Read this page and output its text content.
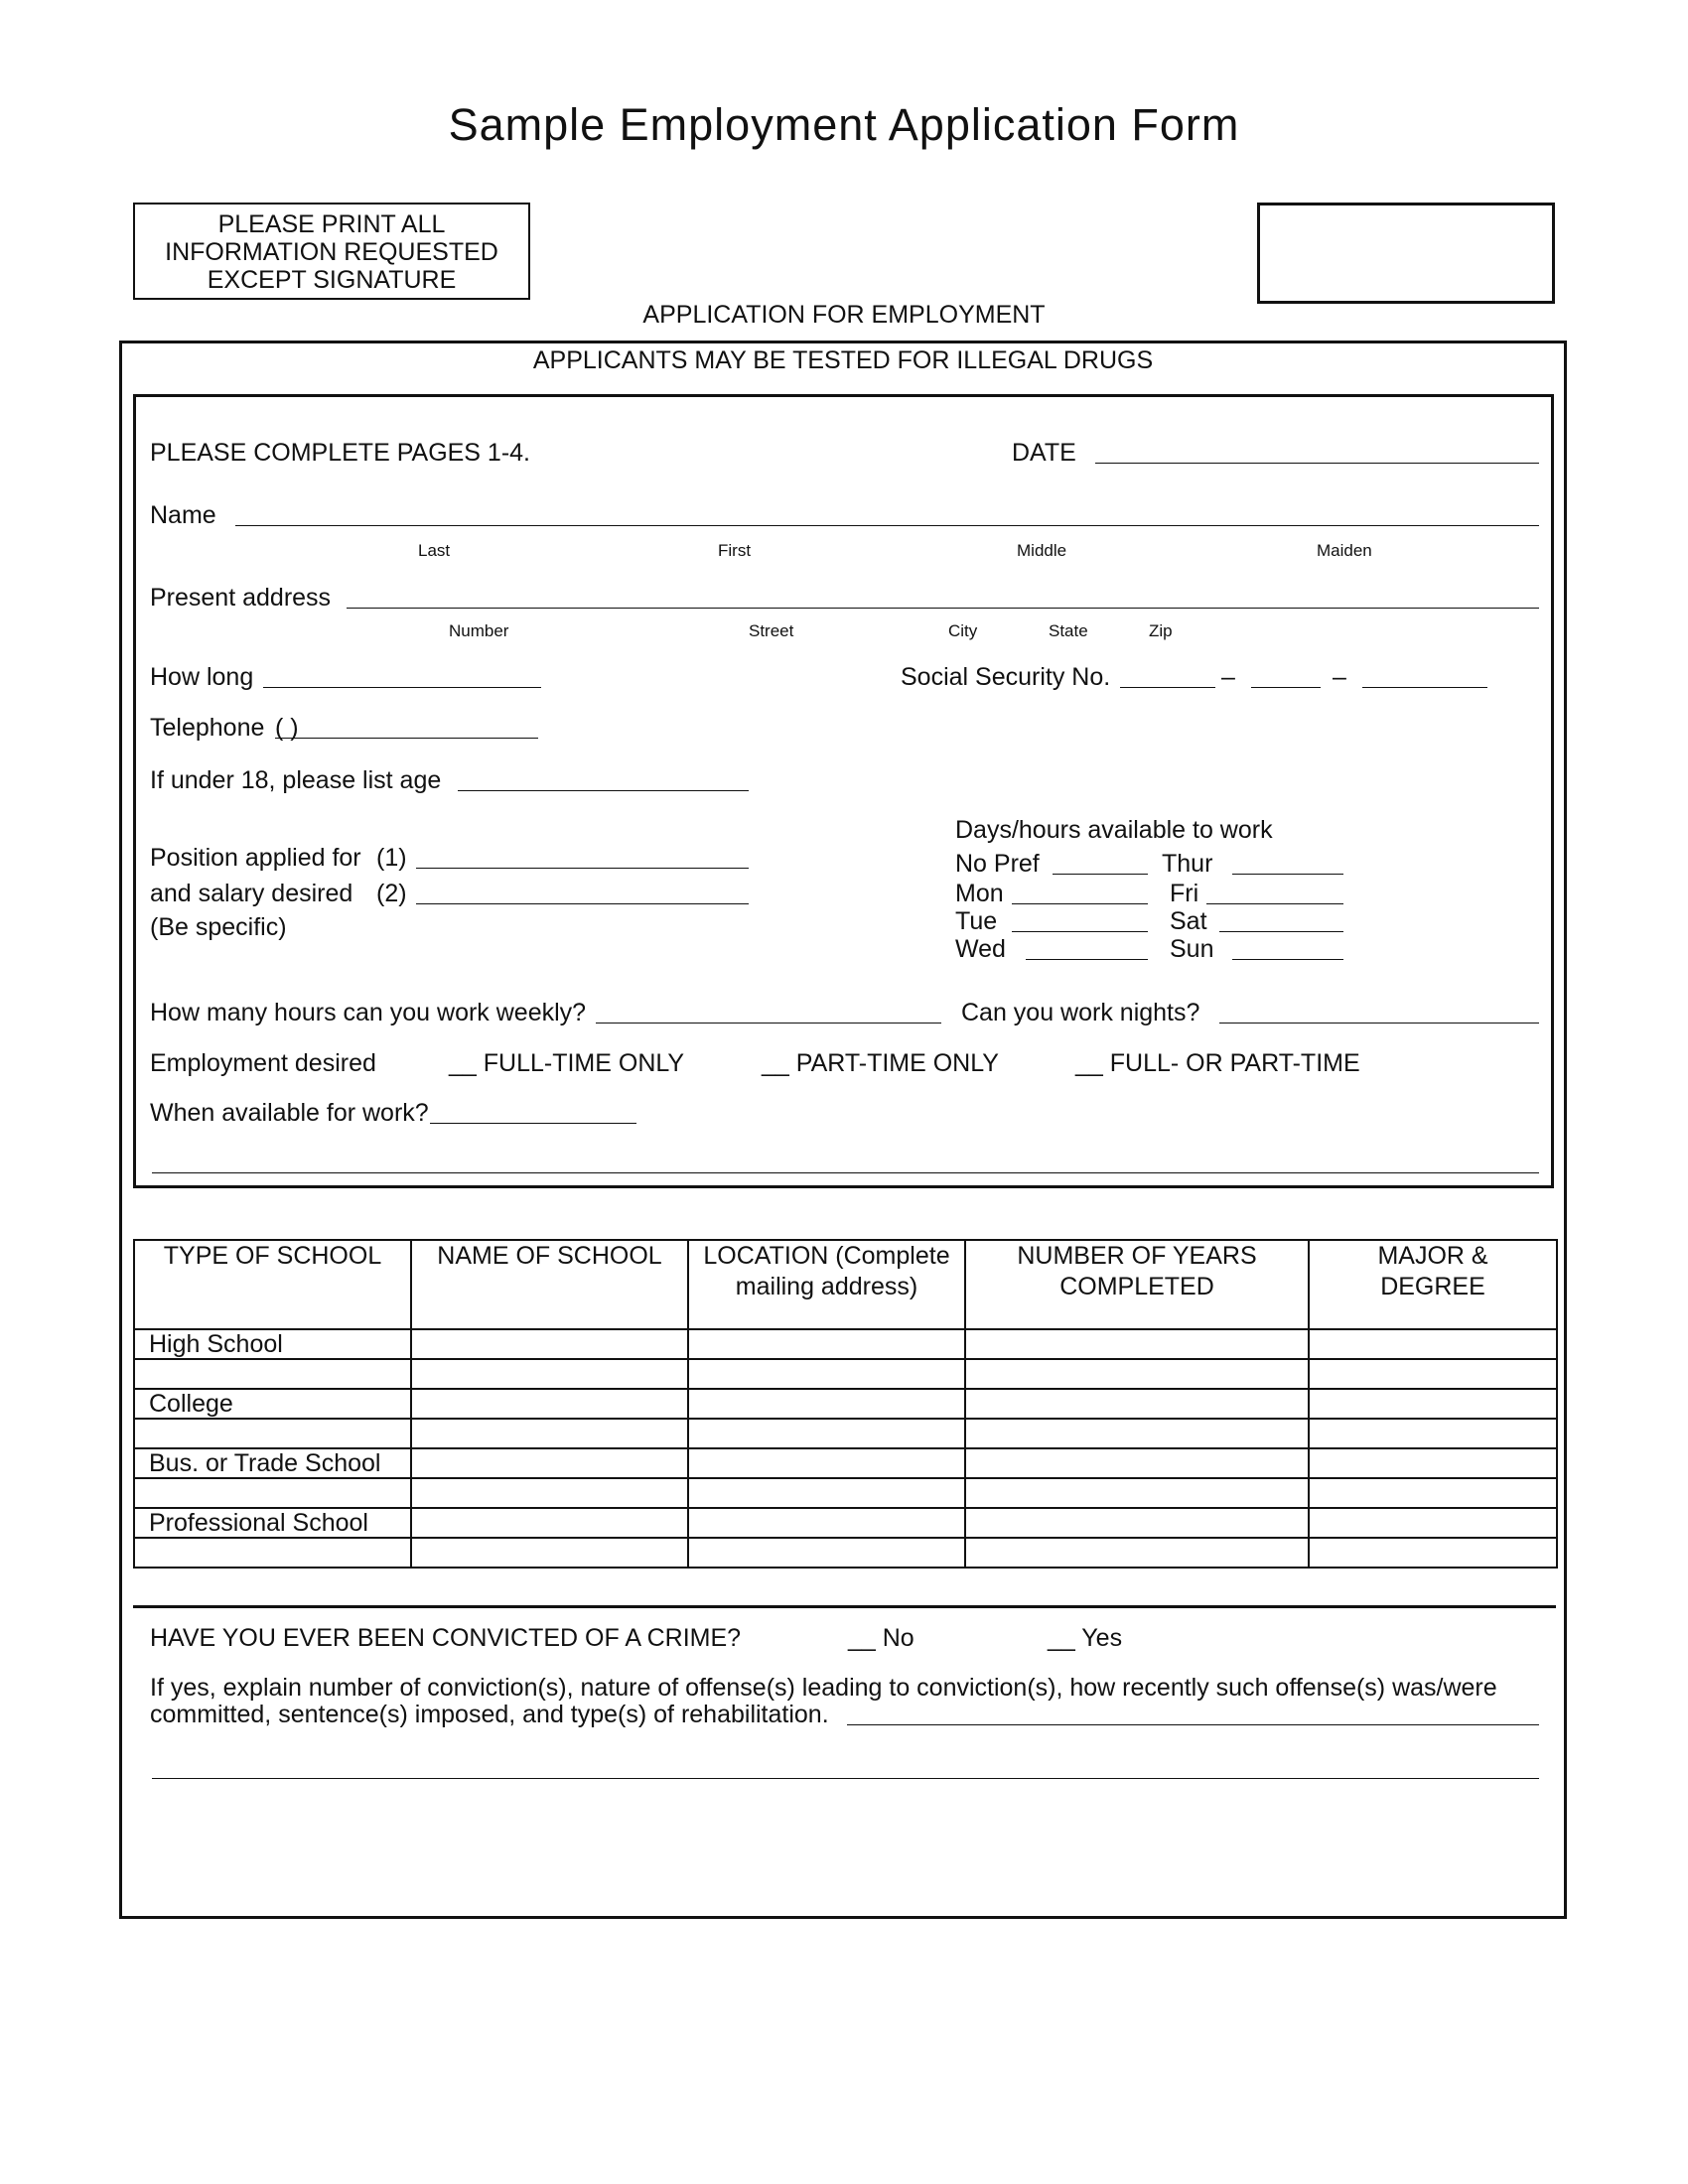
Sample Employment Application Form
PLEASE PRINT ALL
INFORMATION REQUESTED
EXCEPT SIGNATURE
APPLICATION FOR EMPLOYMENT
APPLICANTS MAY BE TESTED FOR ILLEGAL DRUGS
PLEASE COMPLETE PAGES 1-4.	DATE
Name
Last	First	Middle	Maiden
Present address
Number	Street	City	State	Zip
How long	Social Security No.	–	–
Telephone ( )
If under 18, please list age
Position applied for (1)
and salary desired (2)
(Be specific)
Days/hours available to work
No Pref	Thur
Mon	Fri
Tue	Sat
Wed	Sun
How many hours can you work weekly?	Can you work nights?
Employment desired	__ FULL-TIME ONLY	__ PART-TIME ONLY	__ FULL- OR PART-TIME
When available for work?
TYPE OF SCHOOL	NAME OF SCHOOL	LOCATION (Complete mailing address)	NUMBER OF YEARS COMPLETED	MAJOR & DEGREE
High School				

College				

Bus. or Trade School				

Professional School				

HAVE YOU EVER BEEN CONVICTED OF A CRIME?	__ No	__ Yes
If yes, explain number of conviction(s), nature of offense(s) leading to conviction(s), how recently such offense(s) was/were
committed, sentence(s) imposed, and type(s) of rehabilitation.
